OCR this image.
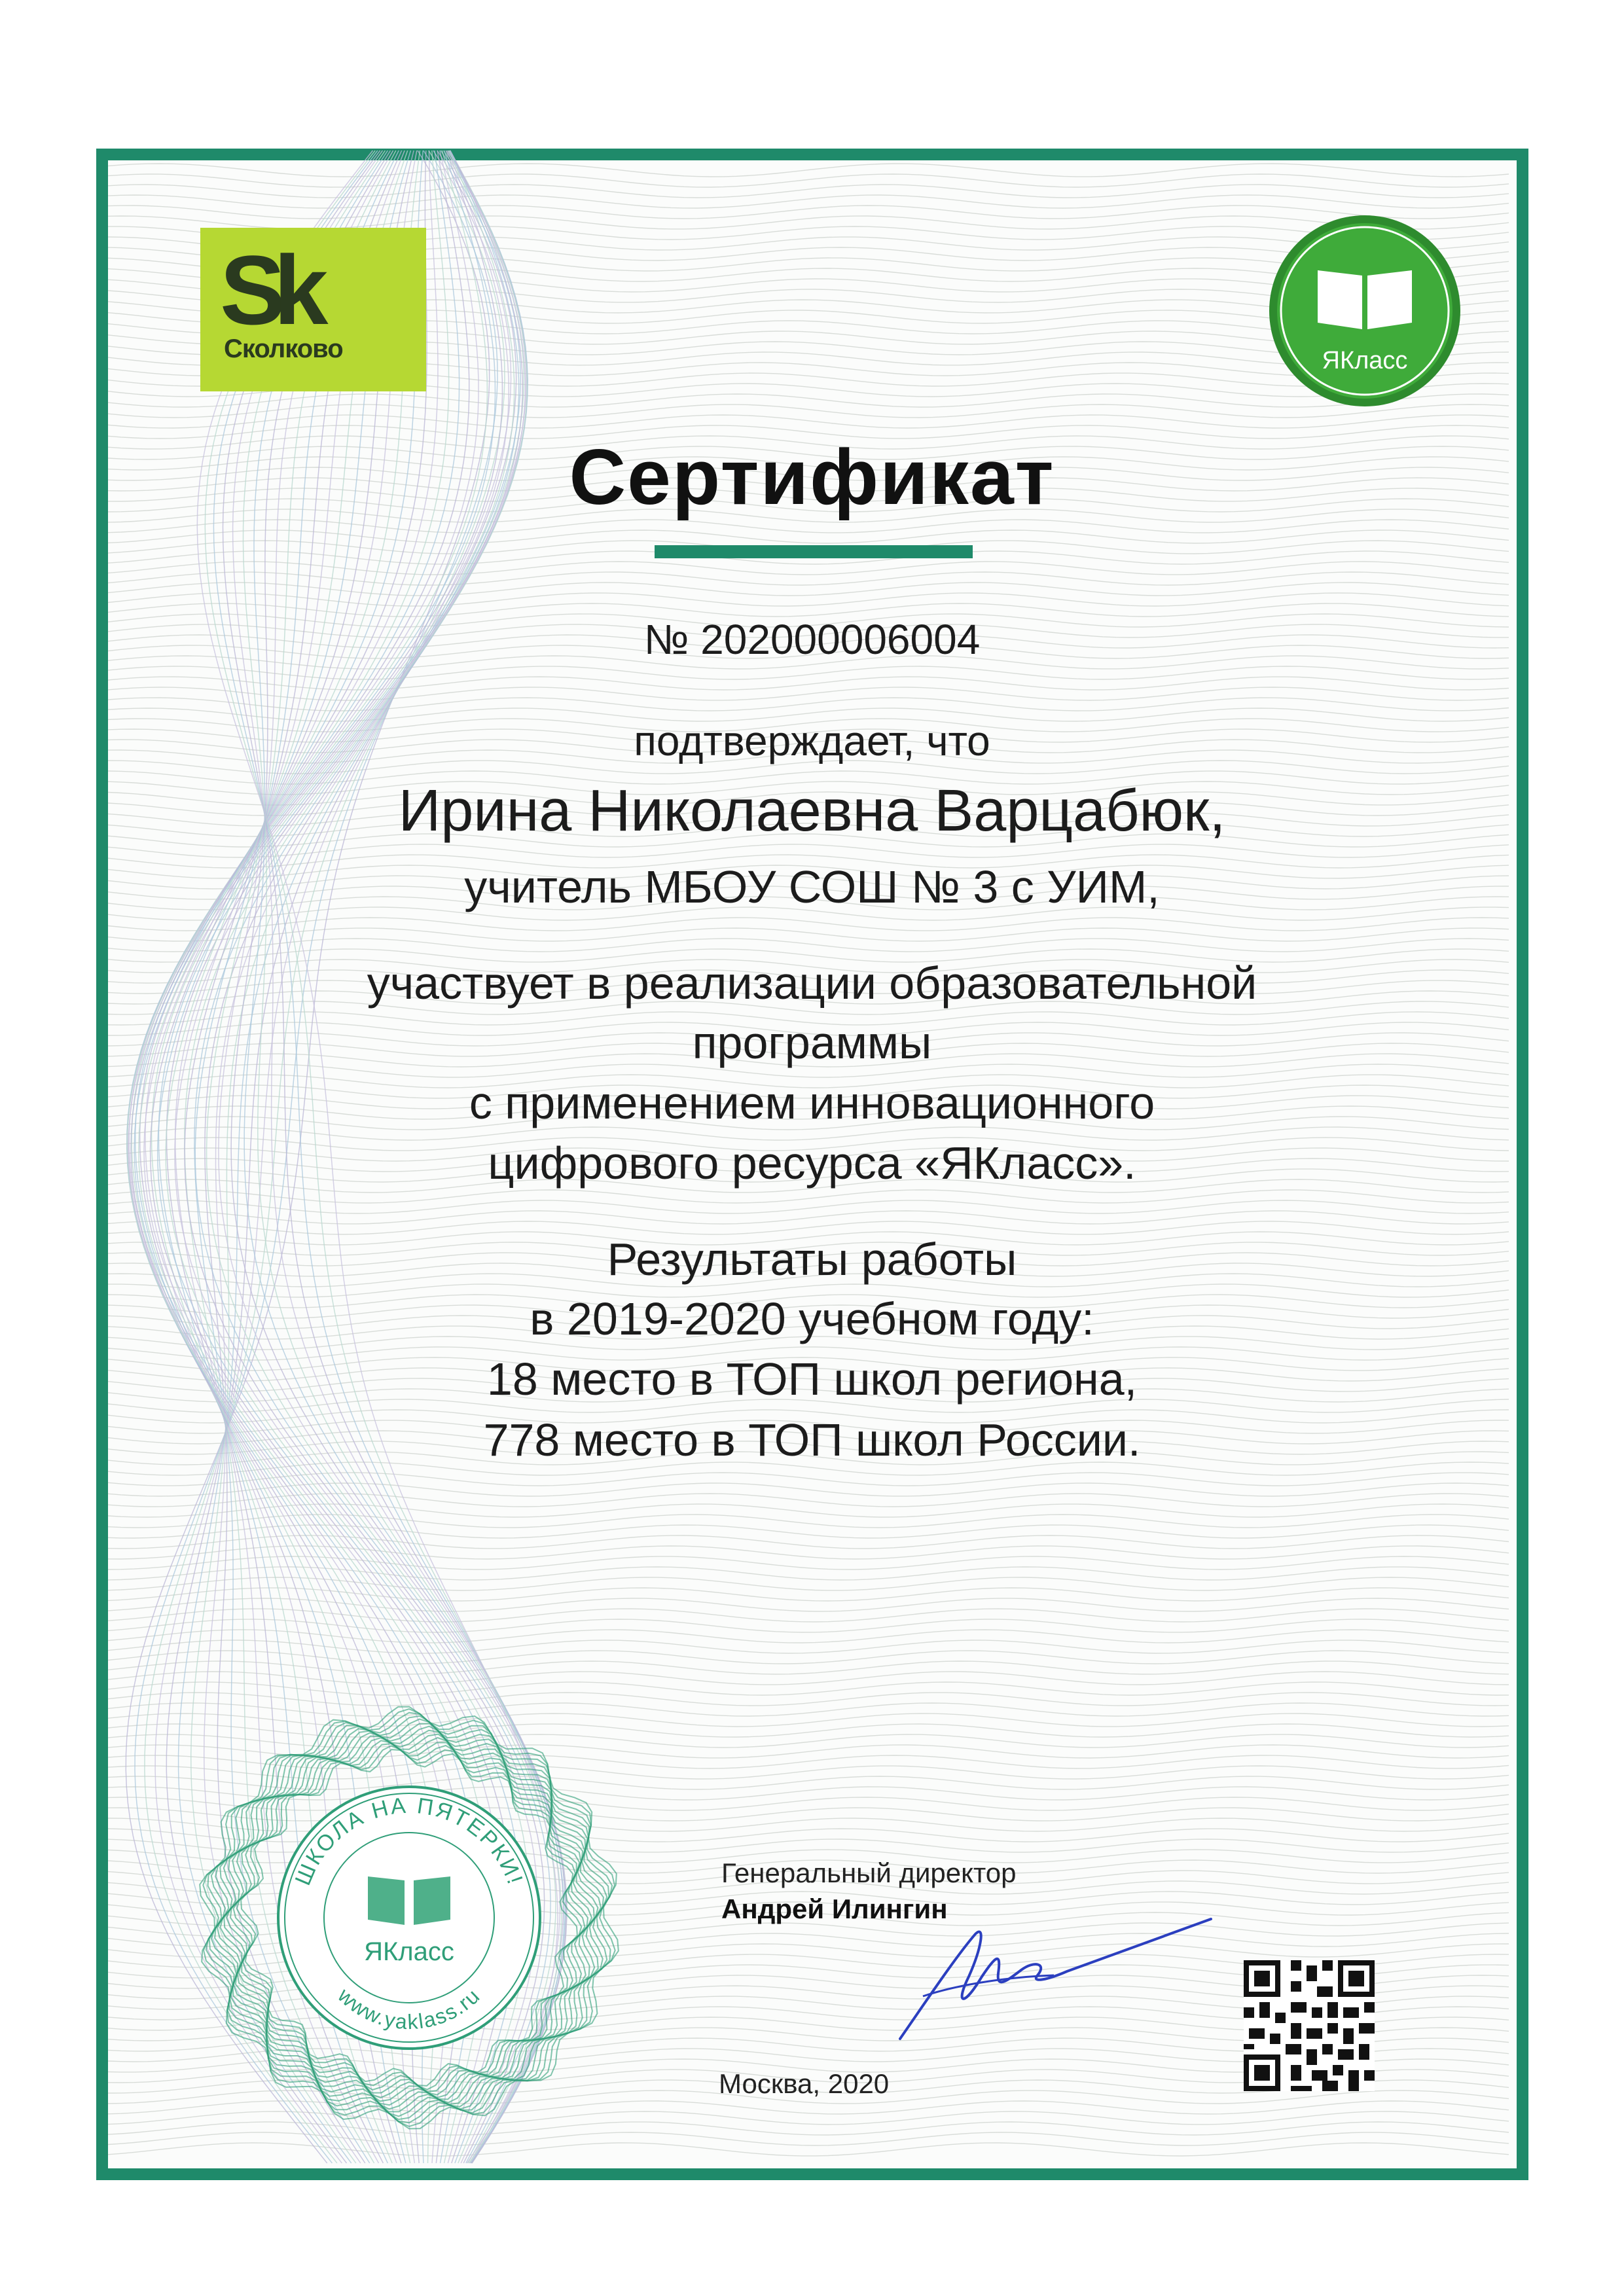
Sk
Сколково	ЯКласс
Сертификат
№ 202000006004
подтверждает, что
Ирина Николаевна Варцабюк,
учитель МБОУ СОШ № 3 с УИМ,
участвует в реализации образовательной
программы
с применением инновационного
цифрового ресурса «ЯКласс».
Результаты работы
в 2019-2020 учебном году:
18 место в ТОП школ региона,
778 место в ТОП школ России.
ШКОЛА НА ПЯТЕРКИ!
www.yaklass.ru
ЯКласс
Генеральный директор
Андрей Илингин
Москва, 2020
